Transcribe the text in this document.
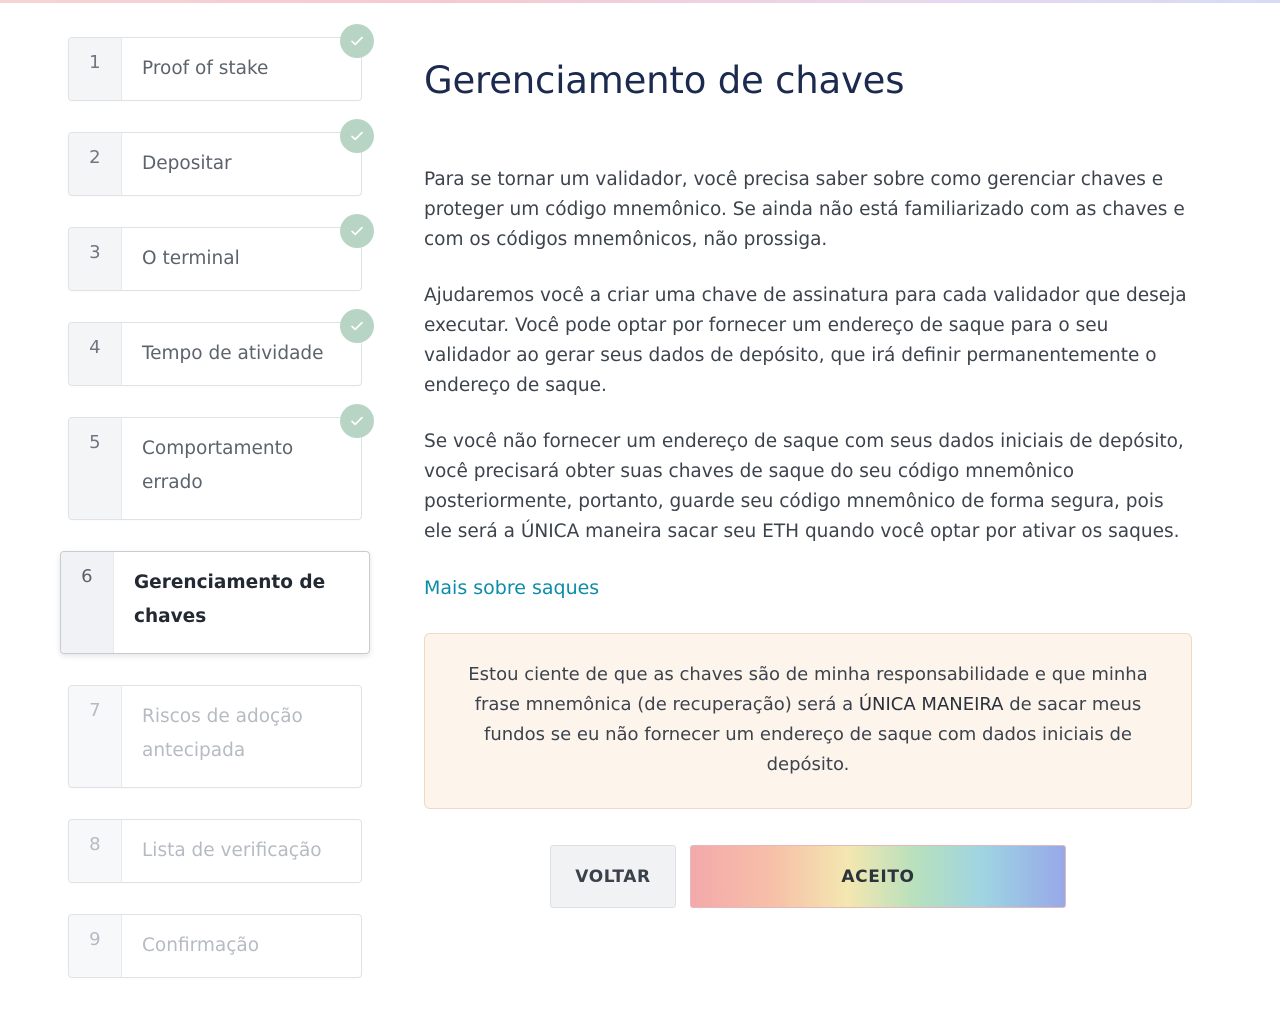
1	Proof of stake
2	Depositar
3	O terminal
4	Tempo de atividade
5	Comportamento errado
6	Gerenciamento de chaves
7	Riscos de adoção antecipada
8	Lista de verificação
9	Confirmação
Gerenciamento de chaves

Para se tornar um validador, você precisa saber sobre como gerenciar chaves e proteger um código mnemônico. Se ainda não está familiarizado com as chaves e com os códigos mnemônicos, não prossiga.

Ajudaremos você a criar uma chave de assinatura para cada validador que deseja executar. Você pode optar por fornecer um endereço de saque para o seu validador ao gerar seus dados de depósito, que irá definir permanentemente o endereço de saque.

Se você não fornecer um endereço de saque com seus dados iniciais de depósito, você precisará obter suas chaves de saque do seu código mnemônico posteriormente, portanto, guarde seu código mnemônico de forma segura, pois ele será a ÚNICA maneira sacar seu ETH quando você optar por ativar os saques.

Mais sobre saques

Estou ciente de que as chaves são de minha responsabilidade e que minha frase mnemônica (de recuperação) será a ÚNICA MANEIRA de sacar meus fundos se eu não fornecer um endereço de saque com dados iniciais de depósito.

VOLTAR	ACEITO
